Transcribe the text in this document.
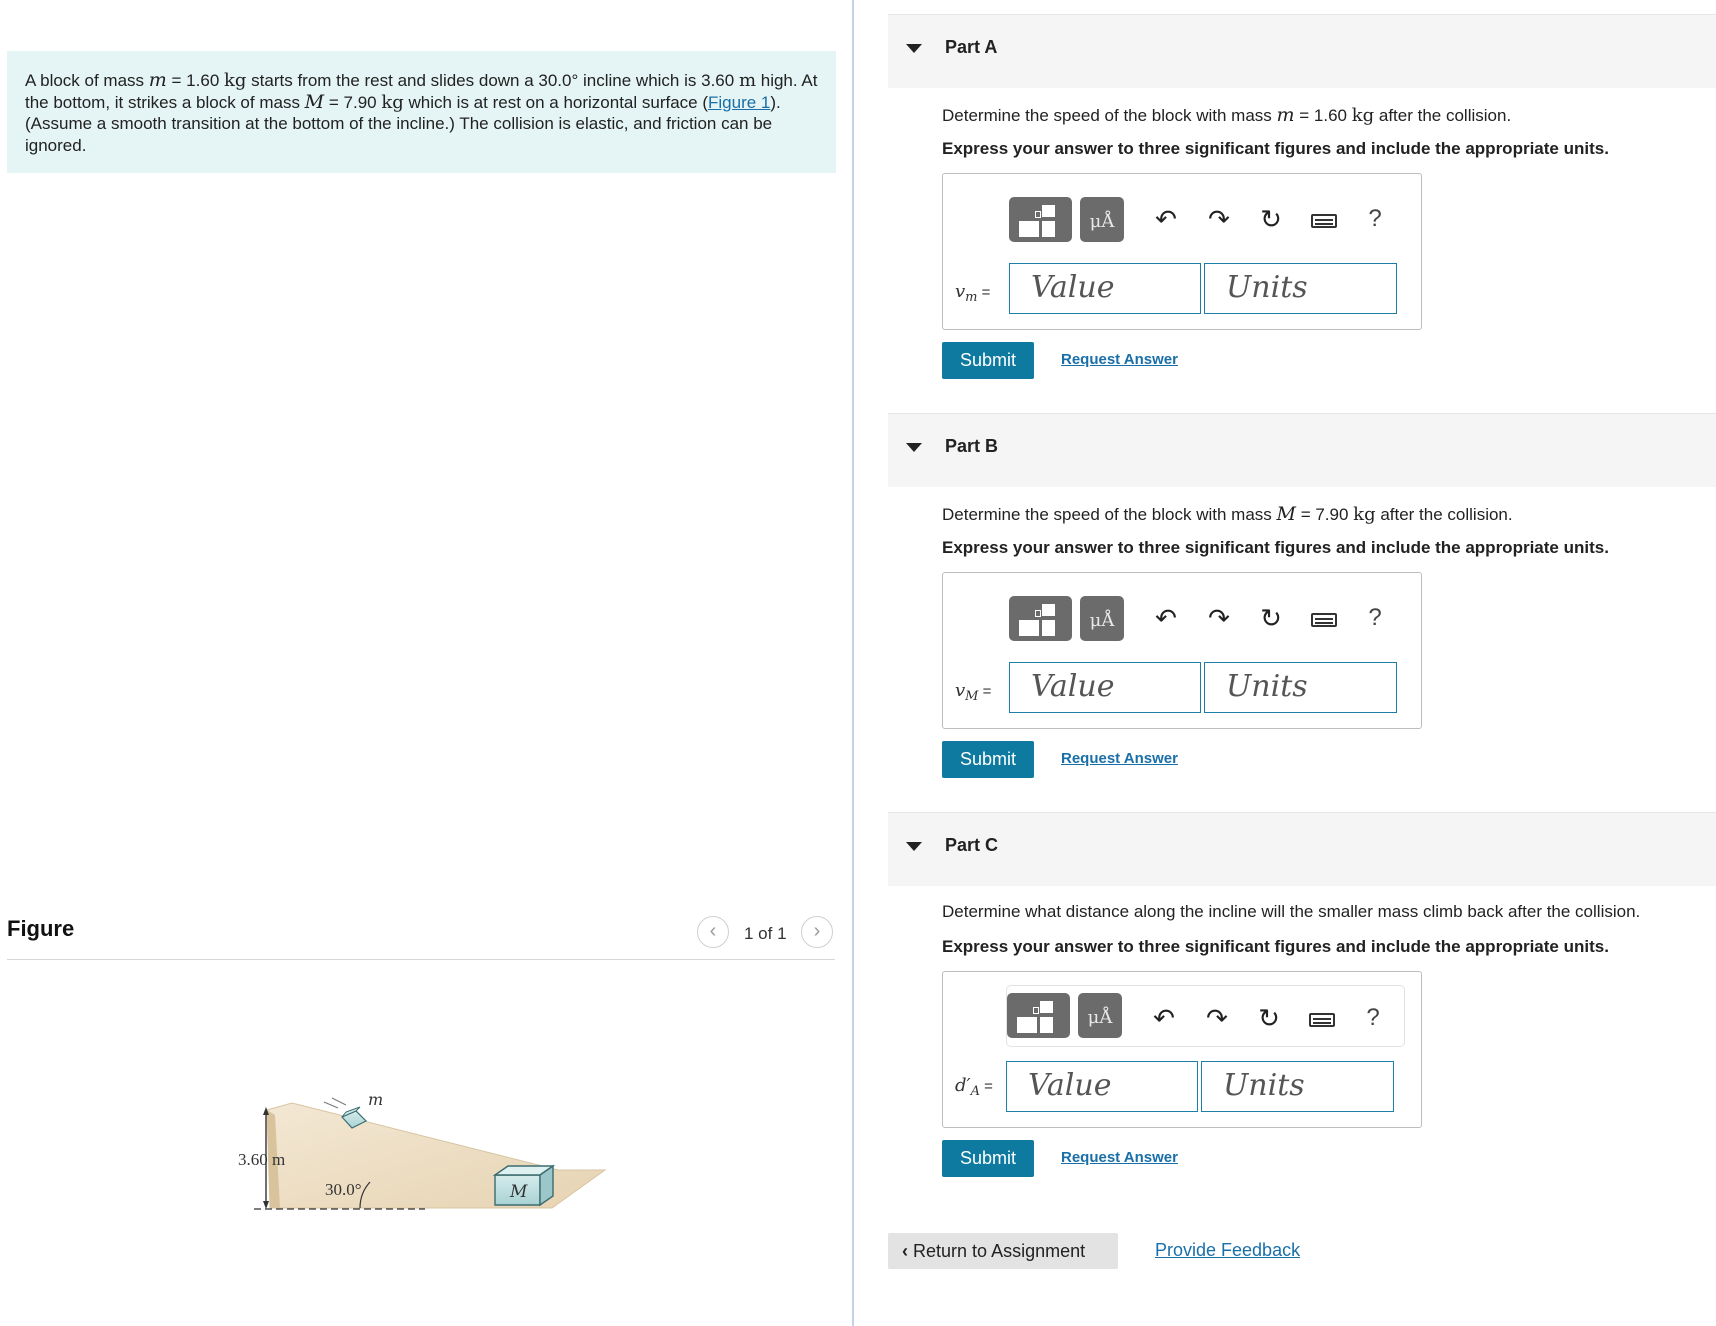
A block of mass m = 1.60 kg starts from the rest and slides down a 30.0° incline which is 3.60 m high. At the bottom, it strikes a block of mass M = 7.90 kg which is at rest on a horizontal surface (Figure 1). (Assume a smooth transition at the bottom of the incline.) The collision is elastic, and friction can be ignored.
Figure	‹	1 of 1	›
3.60 m
30.0°
m
M
Part A
Determine the speed of the block with mass m = 1.60 kg after the collision.
Express your answer to three significant figures and include the appropriate units.
μÅ	↶ ↷ ↻	?
$v_m$ =	Value	Units
Submit	Request Answer
Part B
Determine the speed of the block with mass M = 7.90 kg after the collision.
Express your answer to three significant figures and include the appropriate units.
μÅ	↶ ↷ ↻	?
$v_M$ =	Value	Units
Submit	Request Answer
Part C
Determine what distance along the incline will the smaller mass climb back after the collision.
Express your answer to three significant figures and include the appropriate units.
μÅ	↶ ↷ ↻	?
$d'_A$ =	Value	Units
Submit	Request Answer
‹ Return to Assignment	Provide Feedback
